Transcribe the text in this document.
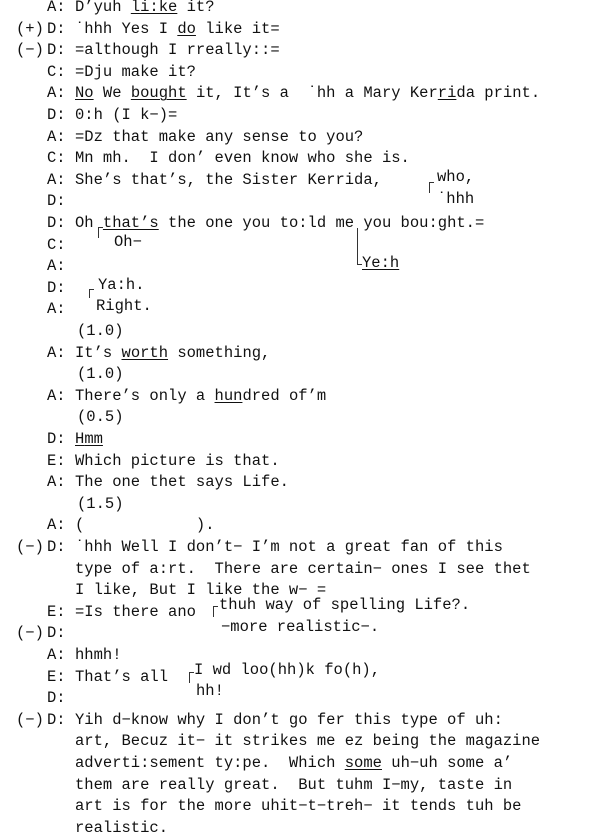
A: D’yuh li:ke it?
(+) D: ˙hhh Yes I do like it=
(−) D: =although I rreally::=
C: =Dju make it?
A: No We bought it, It’s a  ˙hh a Mary Kerrida print.
D: 0:h (I k−)=
A: =Dz that make any sense to you?
C: Mn mh.  I don’ even know who she is.
A: She’s that’s, the Sister Kerrida,
D:
D: Oh that’s the one you to:ld me you bou:ght.=
C:
A:
D:
A:
(1.0)
A: It’s worth something,
(1.0)
A: There’s only a hundred of’m
(0.5)
D: Hmm
E: Which picture is that.
A: The one thet says Life.
(1.5)
A: (            ).
(−) D: ˙hhh Well I don’t− I’m not a great fan of this
type of a:rt.  There are certain− ones I see thet
I like, But I like the w− =
E: =Is there ano
(−) D:
A: hhmh!
E: That’s all
D:
(−) D: Yih d−know why I don’t go fer this type of uh:
art, Becuz it− it strikes me ez being the magazine
adverti:sement ty:pe.  Which some uh−uh some a’
them are really great.  But tuhm I−my, taste in
art is for the more uhit−t−treh− it tends tuh be
realistic.
who,
˙hhh
Oh−
Ye:h
Ya:h.
Right.
thuh way of spelling Life?.
−more realistic−.
I wd loo(hh)k fo(h),
hh!
